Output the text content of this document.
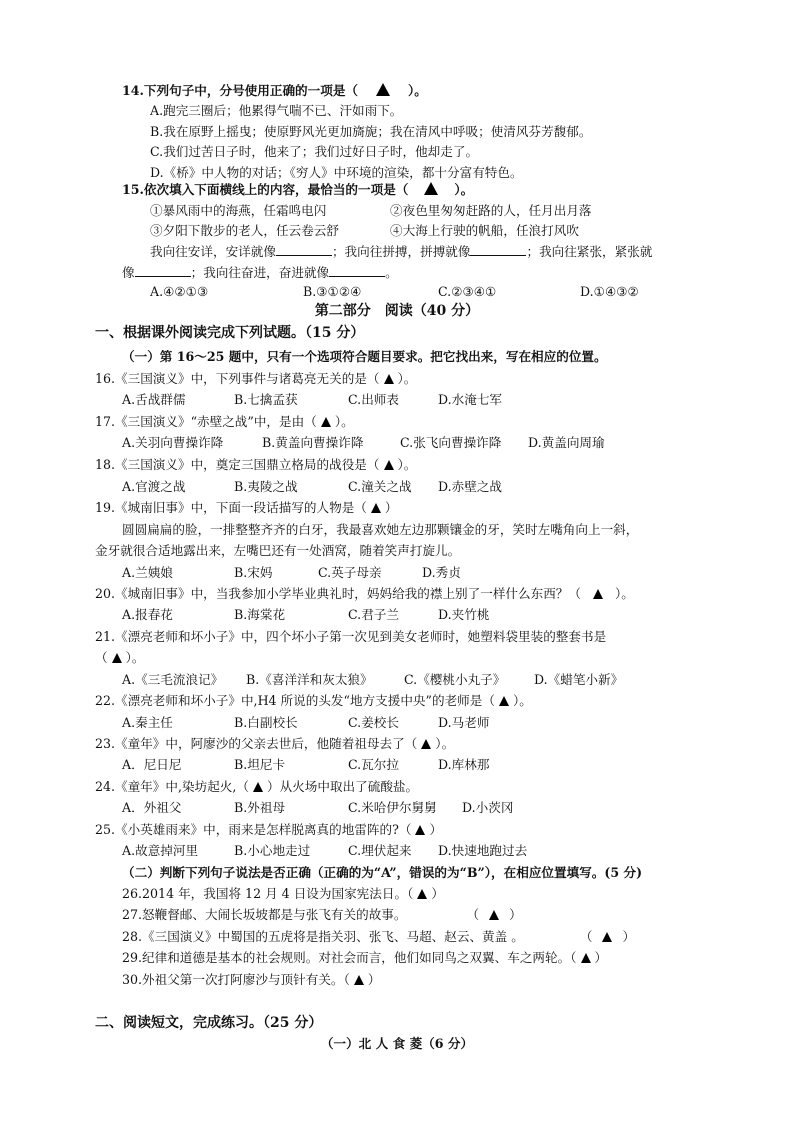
14.下列句子中，分号使用正确的一项是（	）。
A.跑完三圈后；他累得气喘不已、汗如雨下。
B.我在原野上摇曳；使原野风光更加旖旎；我在清风中呼吸；使清风芬芳馥郁。
C.我们过苦日子时，他来了；我们过好日子时，他却走了。
D.《桥》中人物的对话；《穷人》中环境的渲染，都十分富有特色。
15.依次填入下面横线上的内容，最恰当的一项是（	）。
①暴风雨中的海燕，任霜鸣电闪	②夜色里匆匆赶路的人，任月出月落
③夕阳下散步的老人，任云卷云舒	④大海上行驶的帆船，任浪打风吹
我向往安详，安详就像	；我向往拼搏，拼搏就像	；我向往紧张，紧张就
像	；我向往奋进，奋进就像	。
A.④②①③	B.③①②④	C.②③④①	D.①④③②
第二部分　阅读（40 分）
一、根据课外阅读完成下列试题。（15 分）
（一）第 16～25 题中，只有一个选项符合题目要求。把它找出来，写在相应的位置。
16.《三国演义》中，下列事件与诸葛亮无关的是（ ）。
A.舌战群儒	B.七擒孟获	C.出师表	D.水淹七军
17.《三国演义》“赤壁之战”中，是由（ ）。
A.关羽向曹操诈降	B.黄盖向曹操诈降	C.张飞向曹操诈降 D.黄盖向周瑜
18.《三国演义》中，奠定三国鼎立格局的战役是（ ）。
A.官渡之战	B.夷陵之战	C.潼关之战 D.赤壁之战
19.《城南旧事》中，下面一段话描写的人物是（ ）
圆圆扁扁的脸，一排整整齐齐的白牙，我最喜欢她左边那颗镶金的牙，笑时左嘴角向上一斜，
金牙就很合适地露出来，左嘴巴还有一处酒窝，随着笑声打旋儿。
A.兰姨娘	B.宋妈	C.英子母亲	D.秀贞
20.《城南旧事》中，当我参加小学毕业典礼时，妈妈给我的襟上别了一样什么东西？（	）。
A.报春花	B.海棠花	C.君子兰	D.夹竹桃
21.《漂亮老师和坏小子》中，四个坏小子第一次见到美女老师时，她塑料袋里装的整套书是
（ ）。
A.《三毛流浪记》 B.《喜洋洋和灰太狼》 C.《樱桃小丸子》 D.《蜡笔小新》
22.《漂亮老师和坏小子》中,H4 所说的头发“地方支援中央”的老师是（ ）。
A.秦主任	B.白副校长	C.姜校长	D.马老师
23.《童年》中，阿廖沙的父亲去世后，他随着祖母去了（ ）。
A．尼日尼	B.坦尼卡	C.瓦尔拉	D.库林那
24.《童年》中,染坊起火,（ ）从火场中取出了硫酸盐。
A．外祖父	B.外祖母	C.米哈伊尔舅舅 D.小茨冈
25.《小英雄雨来》中，雨来是怎样脱离真的地雷阵的?（ ）
A.故意掉河里	B.小心地走过	C.埋伏起来 D.快速地跑过去
（二）判断下列句子说法是否正确（正确的为“A”，错误的为“B”），在相应位置填写。(5 分)
26.2014 年，我国将 12 月 4 日设为国家宪法日。（ ）
27.怒鞭督邮、大闹长坂坡都是与张飞有关的故事。	（ ）
28.《三国演义》中蜀国的五虎将是指关羽、张飞、马超、赵云、黄盖 。	（ ）
29.纪律和道德是基本的社会规则。对社会而言，他们如同鸟之双翼、车之两轮。（ ）
30.外祖父第一次打阿廖沙与顶针有关。（ ）
二、阅读短文，完成练习。（25 分）
（一）北 人 食 菱（6 分）
